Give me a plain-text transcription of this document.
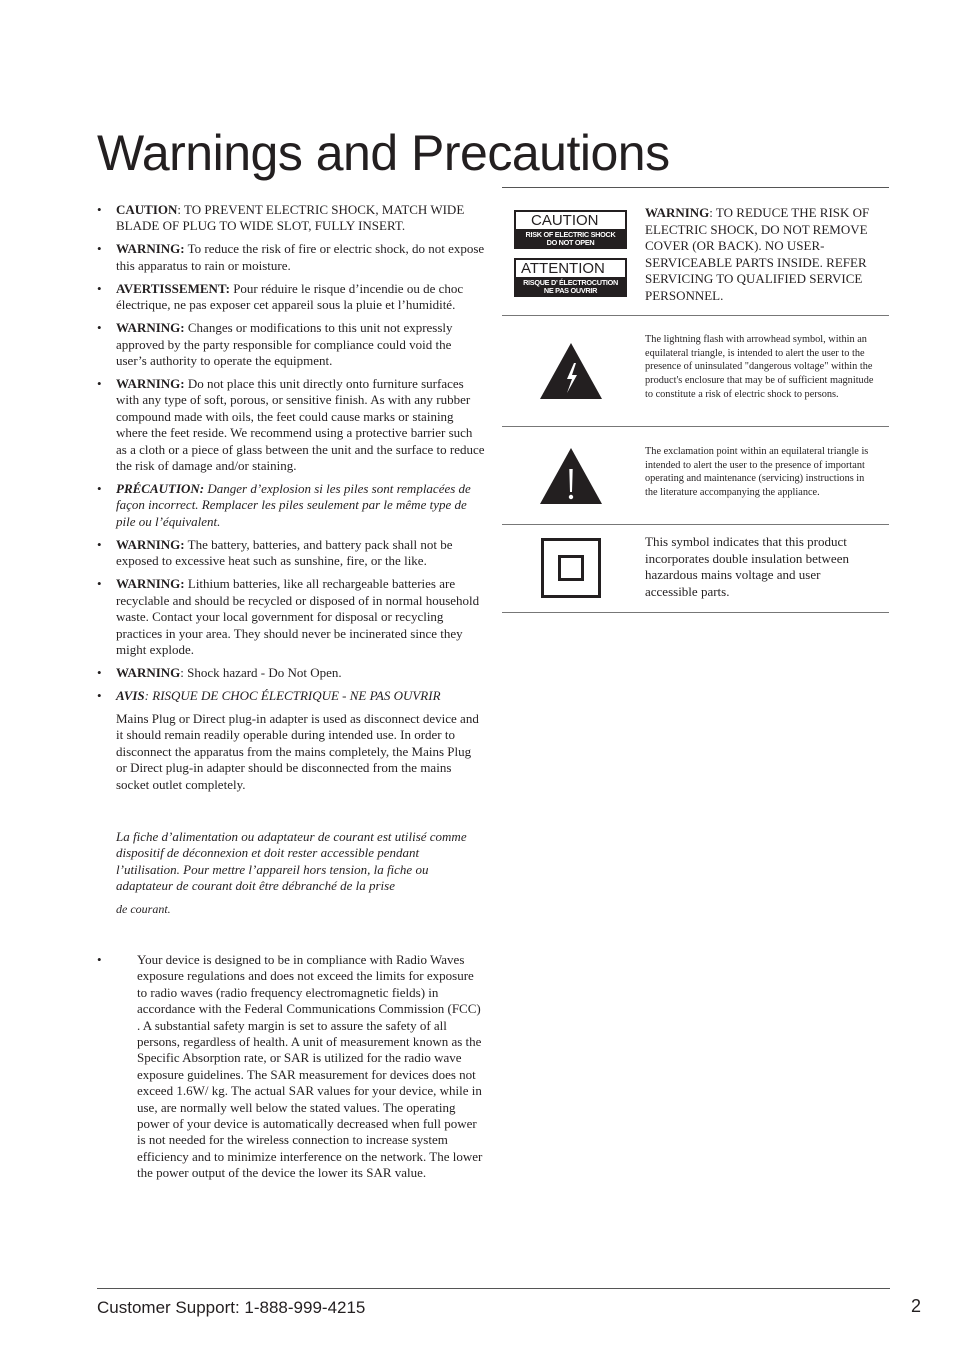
Warnings and Precautions
• CAUTION: TO PREVENT ELECTRIC SHOCK, MATCH WIDE BLADE OF PLUG TO WIDE SLOT, FULLY INSERT.
• WARNING: To reduce the risk of fire or electric shock, do not expose this apparatus to rain or moisture.
• AVERTISSEMENT: Pour réduire le risque d’incendie ou de choc électrique, ne pas exposer cet appareil sous la pluie et l’humidité.
• WARNING: Changes or modifications to this unit not expressly approved by the party responsible for compliance could void the user’s authority to operate the equipment.
• WARNING: Do not place this unit directly onto furniture surfaces with any type of soft, porous, or sensitive finish. As with any rubber compound made with oils, the feet could cause marks or staining where the feet reside. We recommend using a protective barrier such as a cloth or a piece of glass between the unit and the surface to reduce the risk of damage and/or staining.
• PRÉCAUTION: Danger d’explosion si les piles sont remplacées de façon incorrect. Remplacer les piles seulement par le même type de pile ou l’équivalent.
• WARNING: The battery, batteries, and battery pack shall not be exposed to excessive heat such as sunshine, fire, or the like.
• WARNING: Lithium batteries, like all rechargeable batteries are recyclable and should be recycled or disposed of in normal household waste. Contact your local government for disposal or recycling practices in your area. They should never be incinerated since they might explode.
• WARNING: Shock hazard - Do Not Open.
• AVIS: RISQUE DE CHOC ÉLECTRIQUE - NE PAS OUVRIR

Mains Plug or Direct plug-in adapter is used as disconnect device and it should remain readily operable during intended use. In order to disconnect the apparatus from the mains completely, the Mains Plug or Direct plug-in adapter should be disconnected from the mains socket outlet completely.

La fiche d’alimentation ou adaptateur de courant est utilisé comme dispositif de déconnexion et doit rester accessible pendant l’utilisation. Pour mettre l’appareil hors tension, la fiche ou adaptateur de courant doit être débranché de la prise

de courant.

•	Your device is designed to be in compliance with Radio Waves exposure regulations and does not exceed the limits for exposure to radio waves (radio frequency electromagnetic fields) in accordance with the Federal Communications Commission (FCC) . A substantial safety margin is set to assure the safety of all persons, regardless of health. A unit of measurement known as the Specific Absorption rate, or SAR is utilized for the radio wave exposure guidelines. The SAR measurement for devices does not exceed 1.6W/ kg. The actual SAR values for your device, while in use, are normally well below the stated values. The operating power of your device is automatically decreased when full power is not needed for the wireless connection to increase system efficiency and to minimize interference on the network. The lower the power output of the device the lower its SAR value.
CAUTION
RISK OF ELECTRIC SHOCK
DO NOT OPEN
ATTENTION
RISQUE D’ ÉLECTROCUTION
NE PAS OUVRIR
WARNING: TO REDUCE THE RISK OF ELECTRIC SHOCK, DO NOT REMOVE COVER (OR BACK). NO USER-SERVICEABLE PARTS INSIDE. REFER SERVICING TO QUALIFIED SERVICE PERSONNEL.
The lightning flash with arrowhead symbol, within an equilateral triangle, is intended to alert the user to the presence of uninsulated "dangerous voltage" within the product's enclosure that may be of sufficient magnitude to constitute a risk of electric shock to persons.
The exclamation point within an equilateral triangle is intended to alert the user to the presence of important operating and maintenance (servicing) instructions in the literature accompanying the appliance.
This symbol indicates that this product incorporates double insulation between hazardous mains voltage and user accessible parts.
Customer Support: 1-888-999-4215	2
